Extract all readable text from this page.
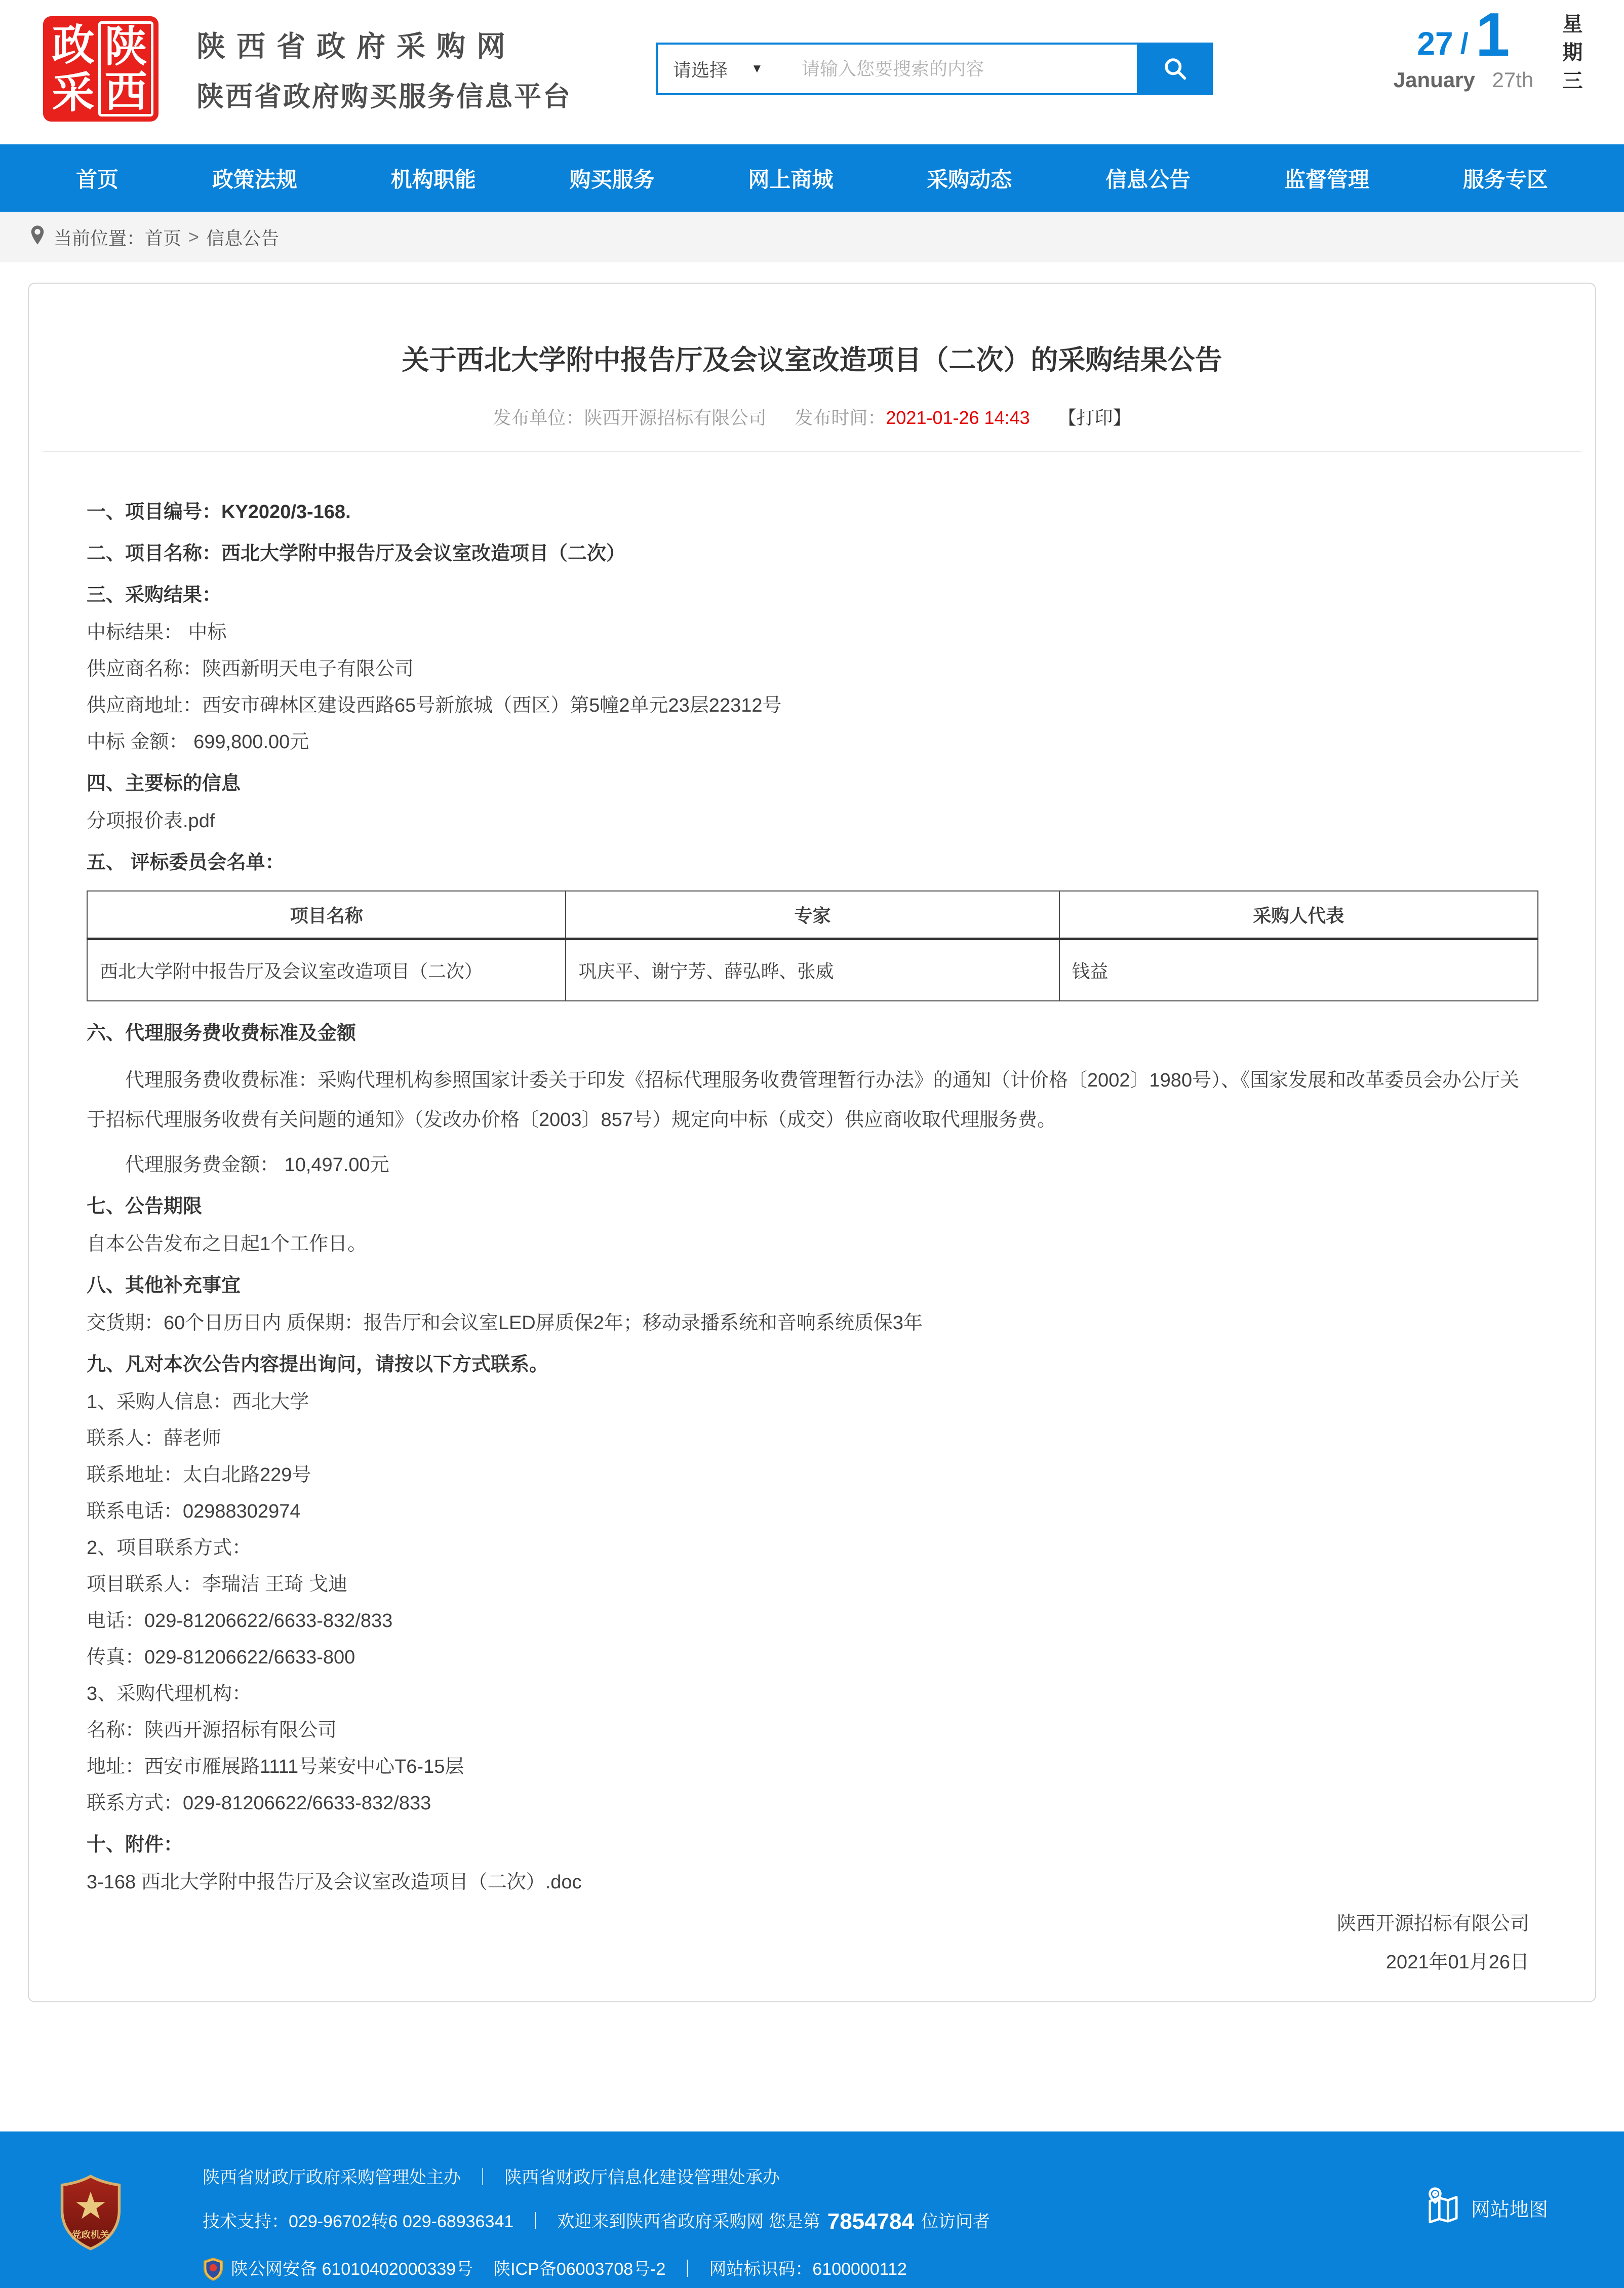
政
采
陕
西
陕西省政府采购网
陕西省政府购买服务信息平台
请选择 ▼
请输入您要搜索的内容
27 / 1
January 27th	星期三
首页	政策法规	机构职能	购买服务	网上商城	采购动态	信息公告	监督管理	服务专区
当前位置： 首页 > 信息公告
关于西北大学附中报告厅及会议室改造项目（二次）的采购结果公告
发布单位：陕西开源招标有限公司 发布时间：2021-01-26 14:43 【打印】
一、项目编号：KY2020/3-168.
二、项目名称：西北大学附中报告厅及会议室改造项目（二次）
三、采购结果：
中标结果： 中标
供应商名称：陕西新明天电子有限公司
供应商地址：西安市碑林区建设西路65号新旅城（西区）第5幢2单元23层22312号
中标 金额： 699,800.00元
四、主要标的信息
分项报价表.pdf
五、 评标委员会名单：
项目名称	专家	采购人代表
西北大学附中报告厅及会议室改造项目（二次）	巩庆平、谢宁芳、薛弘晔、张威	钱益
六、代理服务费收费标准及金额
代理服务费收费标准：采购代理机构参照国家计委关于印发《招标代理服务收费管理暂行办法》的通知（计价格〔2002〕1980号）、《国家发展和改革委员会办公厅关于招标代理服务收费有关问题的通知》（发改办价格〔2003〕857号）规定向中标（成交）供应商收取代理服务费。
代理服务费金额： 10,497.00元
七、公告期限
自本公告发布之日起1个工作日。
八、其他补充事宜
交货期：60个日历日内 质保期：报告厅和会议室LED屏质保2年；移动录播系统和音响系统质保3年
九、凡对本次公告内容提出询问，请按以下方式联系。
1、采购人信息：西北大学
联系人：薛老师
联系地址：太白北路229号
联系电话：02988302974
2、项目联系方式：
项目联系人：李瑞洁 王琦 戈迪
电话：029-81206622/6633-832/833
传真：029-81206622/6633-800
3、采购代理机构：
名称：陕西开源招标有限公司
地址：西安市雁展路1111号莱安中心T6-15层
联系方式：029-81206622/6633-832/833
十、附件：
3-168 西北大学附中报告厅及会议室改造项目（二次）.doc
陕西开源招标有限公司
2021年01月26日
党政机关
陕西省财政厅政府采购管理处主办 ｜ 陕西省财政厅信息化建设管理处承办
技术支持： 029-96702转6 029-68936341 ｜ 欢迎来到陕西省政府采购网 您是第 7854784 位访问者
陕公网安备 61010402000339号 陕ICP备06003708号-2 ｜ 网站标识码： 6100000112
网站地图
